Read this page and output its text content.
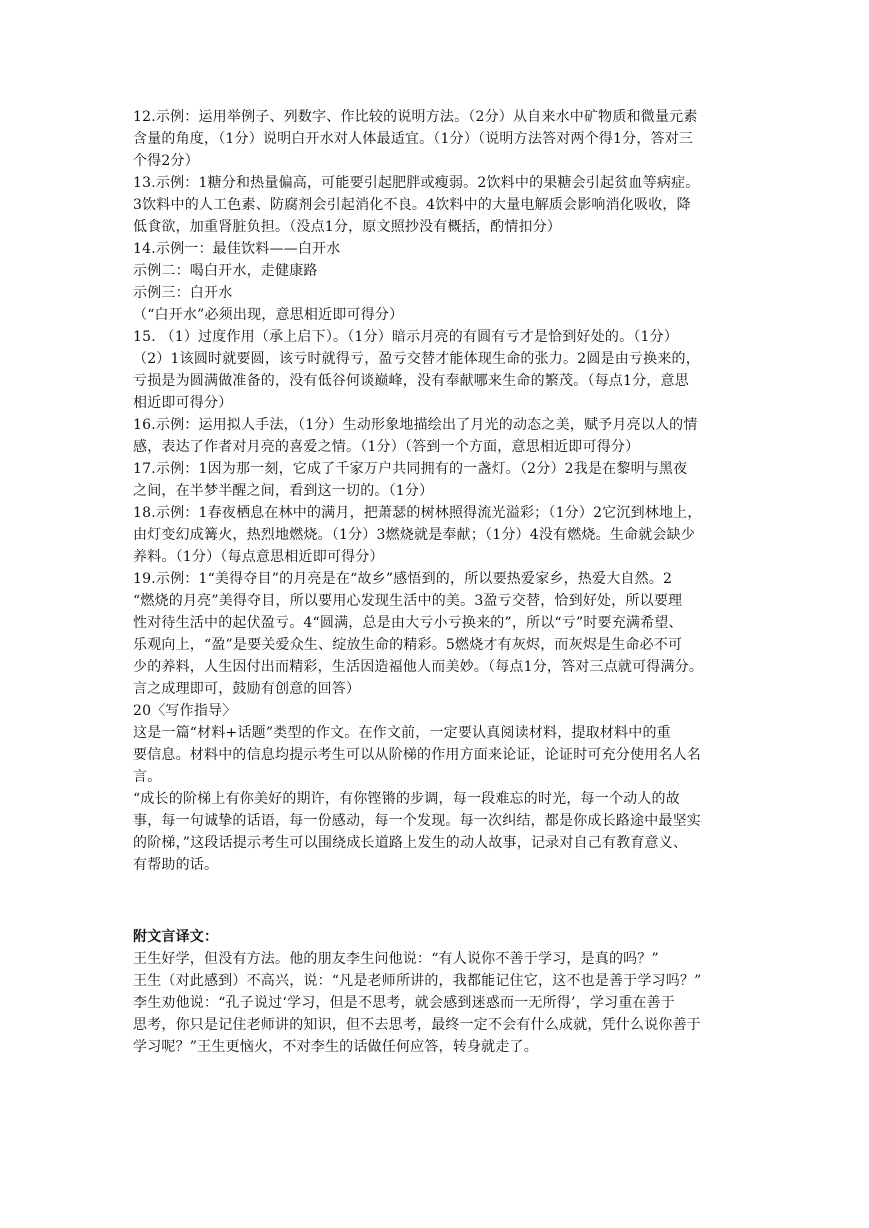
12.示例：运用举例子、列数字、作比较的说明方法。（2分）从自来水中矿物质和微量元素
含量的角度，（1分）说明白开水对人体最适宜。（1分）（说明方法答对两个得1分，答对三
个得2分）
13.示例：1糖分和热量偏高，可能要引起肥胖或瘦弱。2饮料中的果糖会引起贫血等病症。
3饮料中的人工色素、防腐剂会引起消化不良。4饮料中的大量电解质会影响消化吸收，降
低食欲，加重肾脏负担。（没点1分，原文照抄没有概括，酌情扣分）
14.示例一：最佳饮料——白开水
示例二：喝白开水，走健康路
示例三：白开水
（“白开水”必须出现，意思相近即可得分）
15. （1）过度作用（承上启下）。（1分）暗示月亮的有圆有亏才是恰到好处的。（1分）
（2）1该圆时就要圆，该亏时就得亏，盈亏交替才能体现生命的张力。2圆是由亏换来的，
亏损是为圆满做准备的，没有低谷何谈巅峰，没有奉献哪来生命的繁茂。（每点1分，意思
相近即可得分）
16.示例：运用拟人手法，（1分）生动形象地描绘出了月光的动态之美，赋予月亮以人的情
感，表达了作者对月亮的喜爱之情。（1分）（答到一个方面，意思相近即可得分）
17.示例：1因为那一刻，它成了千家万户共同拥有的一盏灯。（2分）2我是在黎明与黑夜
之间，在半梦半醒之间，看到这一切的。（1分）
18.示例：1春夜栖息在林中的满月，把萧瑟的树林照得流光溢彩；（1分）2它沉到林地上，
由灯变幻成篝火，热烈地燃烧。（1分）3燃烧就是奉献；（1分）4没有燃烧。生命就会缺少
养料。（1分）（每点意思相近即可得分）
19.示例：1“美得夺目”的月亮是在“故乡”感悟到的，所以要热爱家乡，热爱大自然。2
“燃烧的月亮”美得夺目，所以要用心发现生活中的美。3盈亏交替，恰到好处，所以要理
性对待生活中的起伏盈亏。4“圆满，总是由大亏小亏换来的”，所以“亏”时要充满希望、
乐观向上，“盈”是要关爱众生、绽放生命的精彩。5燃烧才有灰烬，而灰烬是生命必不可
少的养料，人生因付出而精彩，生活因造福他人而美妙。（每点1分，答对三点就可得满分。
言之成理即可，鼓励有创意的回答）
20〈写作指导〉
这是一篇“材料+话题”类型的作文。在作文前，一定要认真阅读材料，提取材料中的重
要信息。材料中的信息均提示考生可以从阶梯的作用方面来论证，论证时可充分使用名人名
言。
“成长的阶梯上有你美好的期许，有你铿锵的步调，每一段难忘的时光，每一个动人的故
事，每一句诚挚的话语，每一份感动，每一个发现。每一次纠结，都是你成长路途中最坚实
的阶梯，”这段话提示考生可以围绕成长道路上发生的动人故事，记录对自己有教育意义、
有帮助的话。
附文言译文：
王生好学，但没有方法。他的朋友李生问他说：“有人说你不善于学习，是真的吗？”
王生（对此感到）不高兴，说：“凡是老师所讲的，我都能记住它，这不也是善于学习吗？”
李生劝他说：“孔子说过‘学习，但是不思考，就会感到迷惑而一无所得’，学习重在善于
思考，你只是记住老师讲的知识，但不去思考，最终一定不会有什么成就，凭什么说你善于
学习呢？”王生更恼火，不对李生的话做任何应答，转身就走了。
